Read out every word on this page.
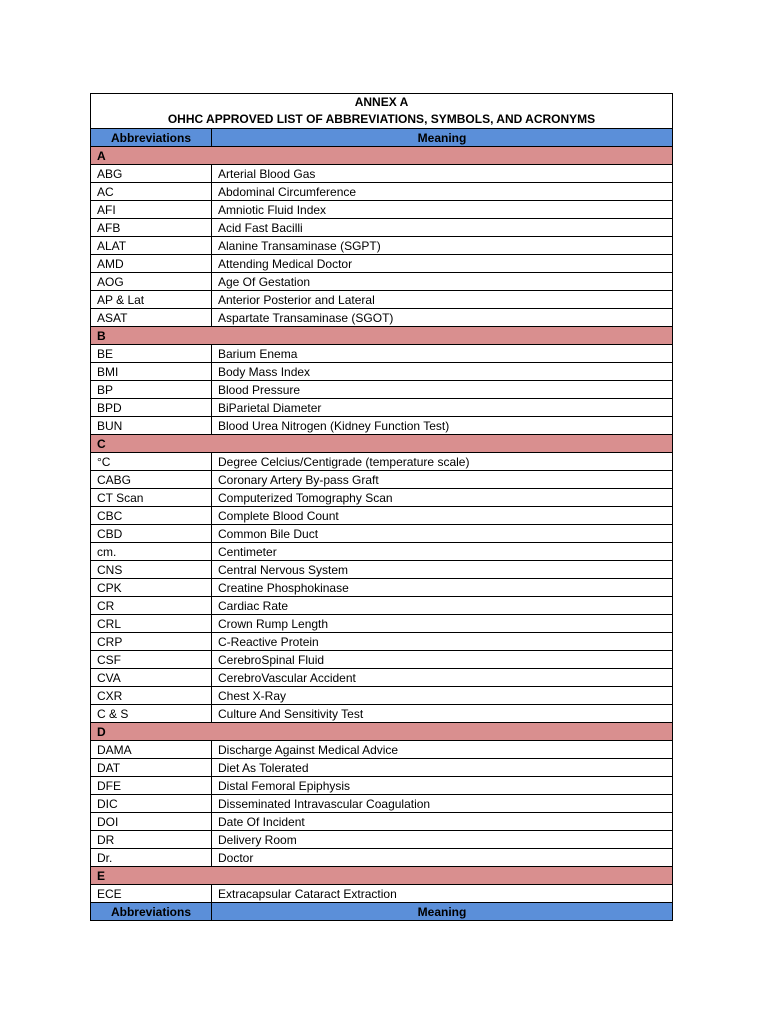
ANNEX A
OHHC APPROVED LIST OF ABBREVIATIONS, SYMBOLS, AND ACRONYMS	

Abbreviations	Meaning
A	
ABG	Arterial Blood Gas
AC	Abdominal Circumference
AFI	Amniotic Fluid Index
AFB	Acid Fast Bacilli
ALAT	Alanine Transaminase (SGPT)
AMD	Attending Medical Doctor
AOG	Age Of Gestation
AP & Lat	Anterior Posterior and Lateral
ASAT	Aspartate Transaminase (SGOT)
B	
BE	Barium Enema
BMI	Body Mass Index
BP	Blood Pressure
BPD	BiParietal Diameter
BUN	Blood Urea Nitrogen (Kidney Function Test)
C	
°C	Degree Celcius/Centigrade (temperature scale)
CABG	Coronary Artery By-pass Graft
CT Scan	Computerized Tomography Scan
CBC	Complete Blood Count
CBD	Common Bile Duct
cm.	Centimeter
CNS	Central Nervous System
CPK	Creatine Phosphokinase
CR	Cardiac Rate
CRL	Crown Rump Length
CRP	C-Reactive Protein
CSF	CerebroSpinal Fluid
CVA	CerebroVascular Accident
CXR	Chest X-Ray
C & S	Culture And Sensitivity Test
D	
DAMA	Discharge Against Medical Advice
DAT	Diet As Tolerated
DFE	Distal Femoral Epiphysis
DIC	Disseminated Intravascular Coagulation
DOI	Date Of Incident
DR	Delivery Room
Dr.	Doctor
E	
ECE	Extracapsular Cataract Extraction
Abbreviations	Meaning
